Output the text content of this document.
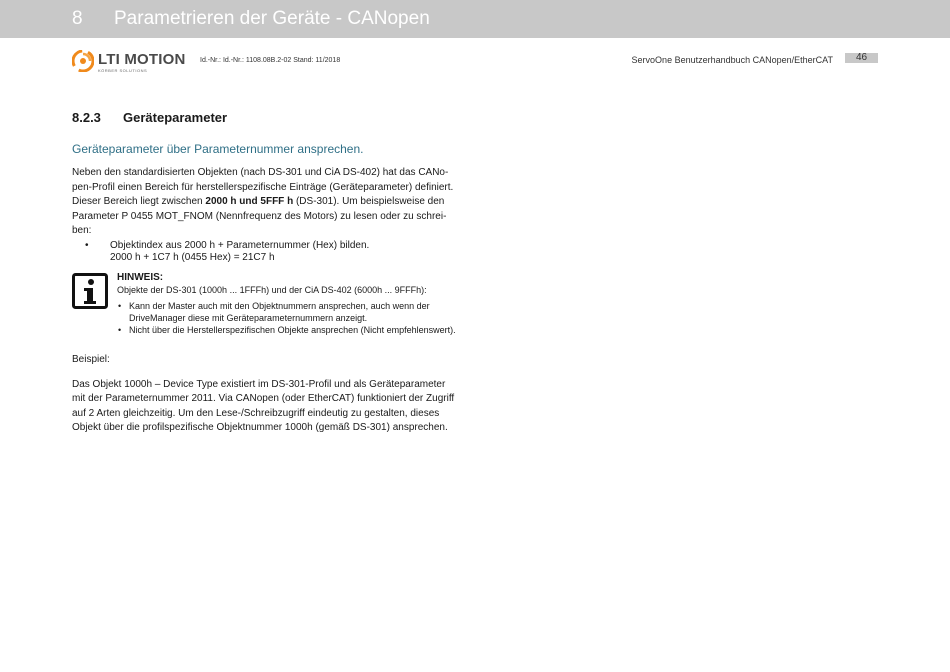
8 Parametrieren der Geräte - CANopen
LTI MOTION
KÖRBER SOLUTIONS
Id.-Nr.: Id.-Nr.: 1108.08B.2-02 Stand: 11/2018	ServoOne Benutzerhandbuch CANopen/EtherCAT	46
8.2.3 Geräteparameter
Geräteparameter über Parameternummer ansprechen.
Neben den standardisierten Objekten (nach DS-301 und CiA DS-402) hat das CANo- pen-Profil einen Bereich für herstellerspezifische Einträge (Geräteparameter) definiert. Dieser Bereich liegt zwischen 2000 h und 5FFF h (DS-301). Um beispielsweise den Parameter P 0455 MOT_FNOM (Nennfrequenz des Motors) zu lesen oder zu schrei- ben:
• Objektindex aus 2000 h + Parameternummer (Hex) bilden.
2000 h + 1C7 h (0455 Hex) = 21C7 h
HINWEIS:
Objekte der DS-301 (1000h ... 1FFFh) und der CiA DS-402 (6000h ... 9FFFh):
• Kann der Master auch mit den Objektnummern ansprechen, auch wenn der DriveManager diese mit Geräteparameternummern anzeigt.
• Nicht über die Herstellerspezifischen Objekte ansprechen (Nicht empfehlenswert).
Beispiel:
Das Objekt 1000h – Device Type existiert im DS-301-Profil und als Geräteparameter mit der Parameternummer 2011. Via CANopen (oder EtherCAT) funktioniert der Zugriff auf 2 Arten gleichzeitig. Um den Lese-/Schreibzugriff eindeutig zu gestalten, dieses Objekt über die profilspezifische Objektnummer 1000h (gemäß DS-301) ansprechen.
